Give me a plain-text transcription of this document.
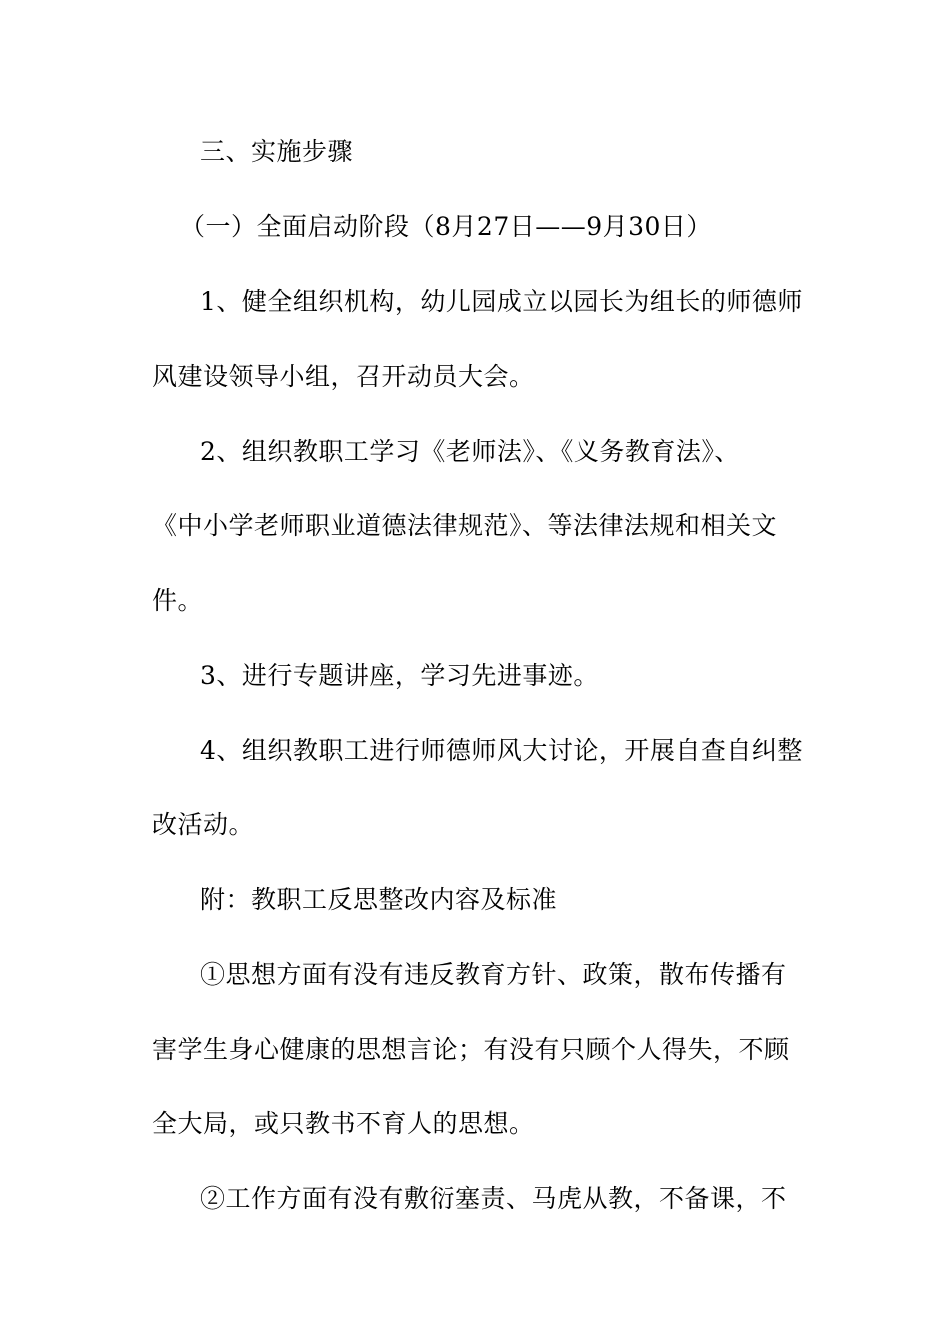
三、实施步骤
（一）全面启动阶段（8月27日——9月30日）
1、健全组织机构，幼儿园成立以园长为组长的师德师
风建设领导小组，召开动员大会。
2、组织教职工学习《老师法》、《义务教育法》、
《中小学老师职业道德法律规范》、等法律法规和相关文
件。
3、进行专题讲座，学习先进事迹。
4、组织教职工进行师德师风大讨论，开展自查自纠整
改活动。
附：教职工反思整改内容及标准
①思想方面有没有违反教育方针、政策，散布传播有
害学生身心健康的思想言论；有没有只顾个人得失，不顾
全大局，或只教书不育人的思想。
②工作方面有没有敷衍塞责、马虎从教，不备课，不
